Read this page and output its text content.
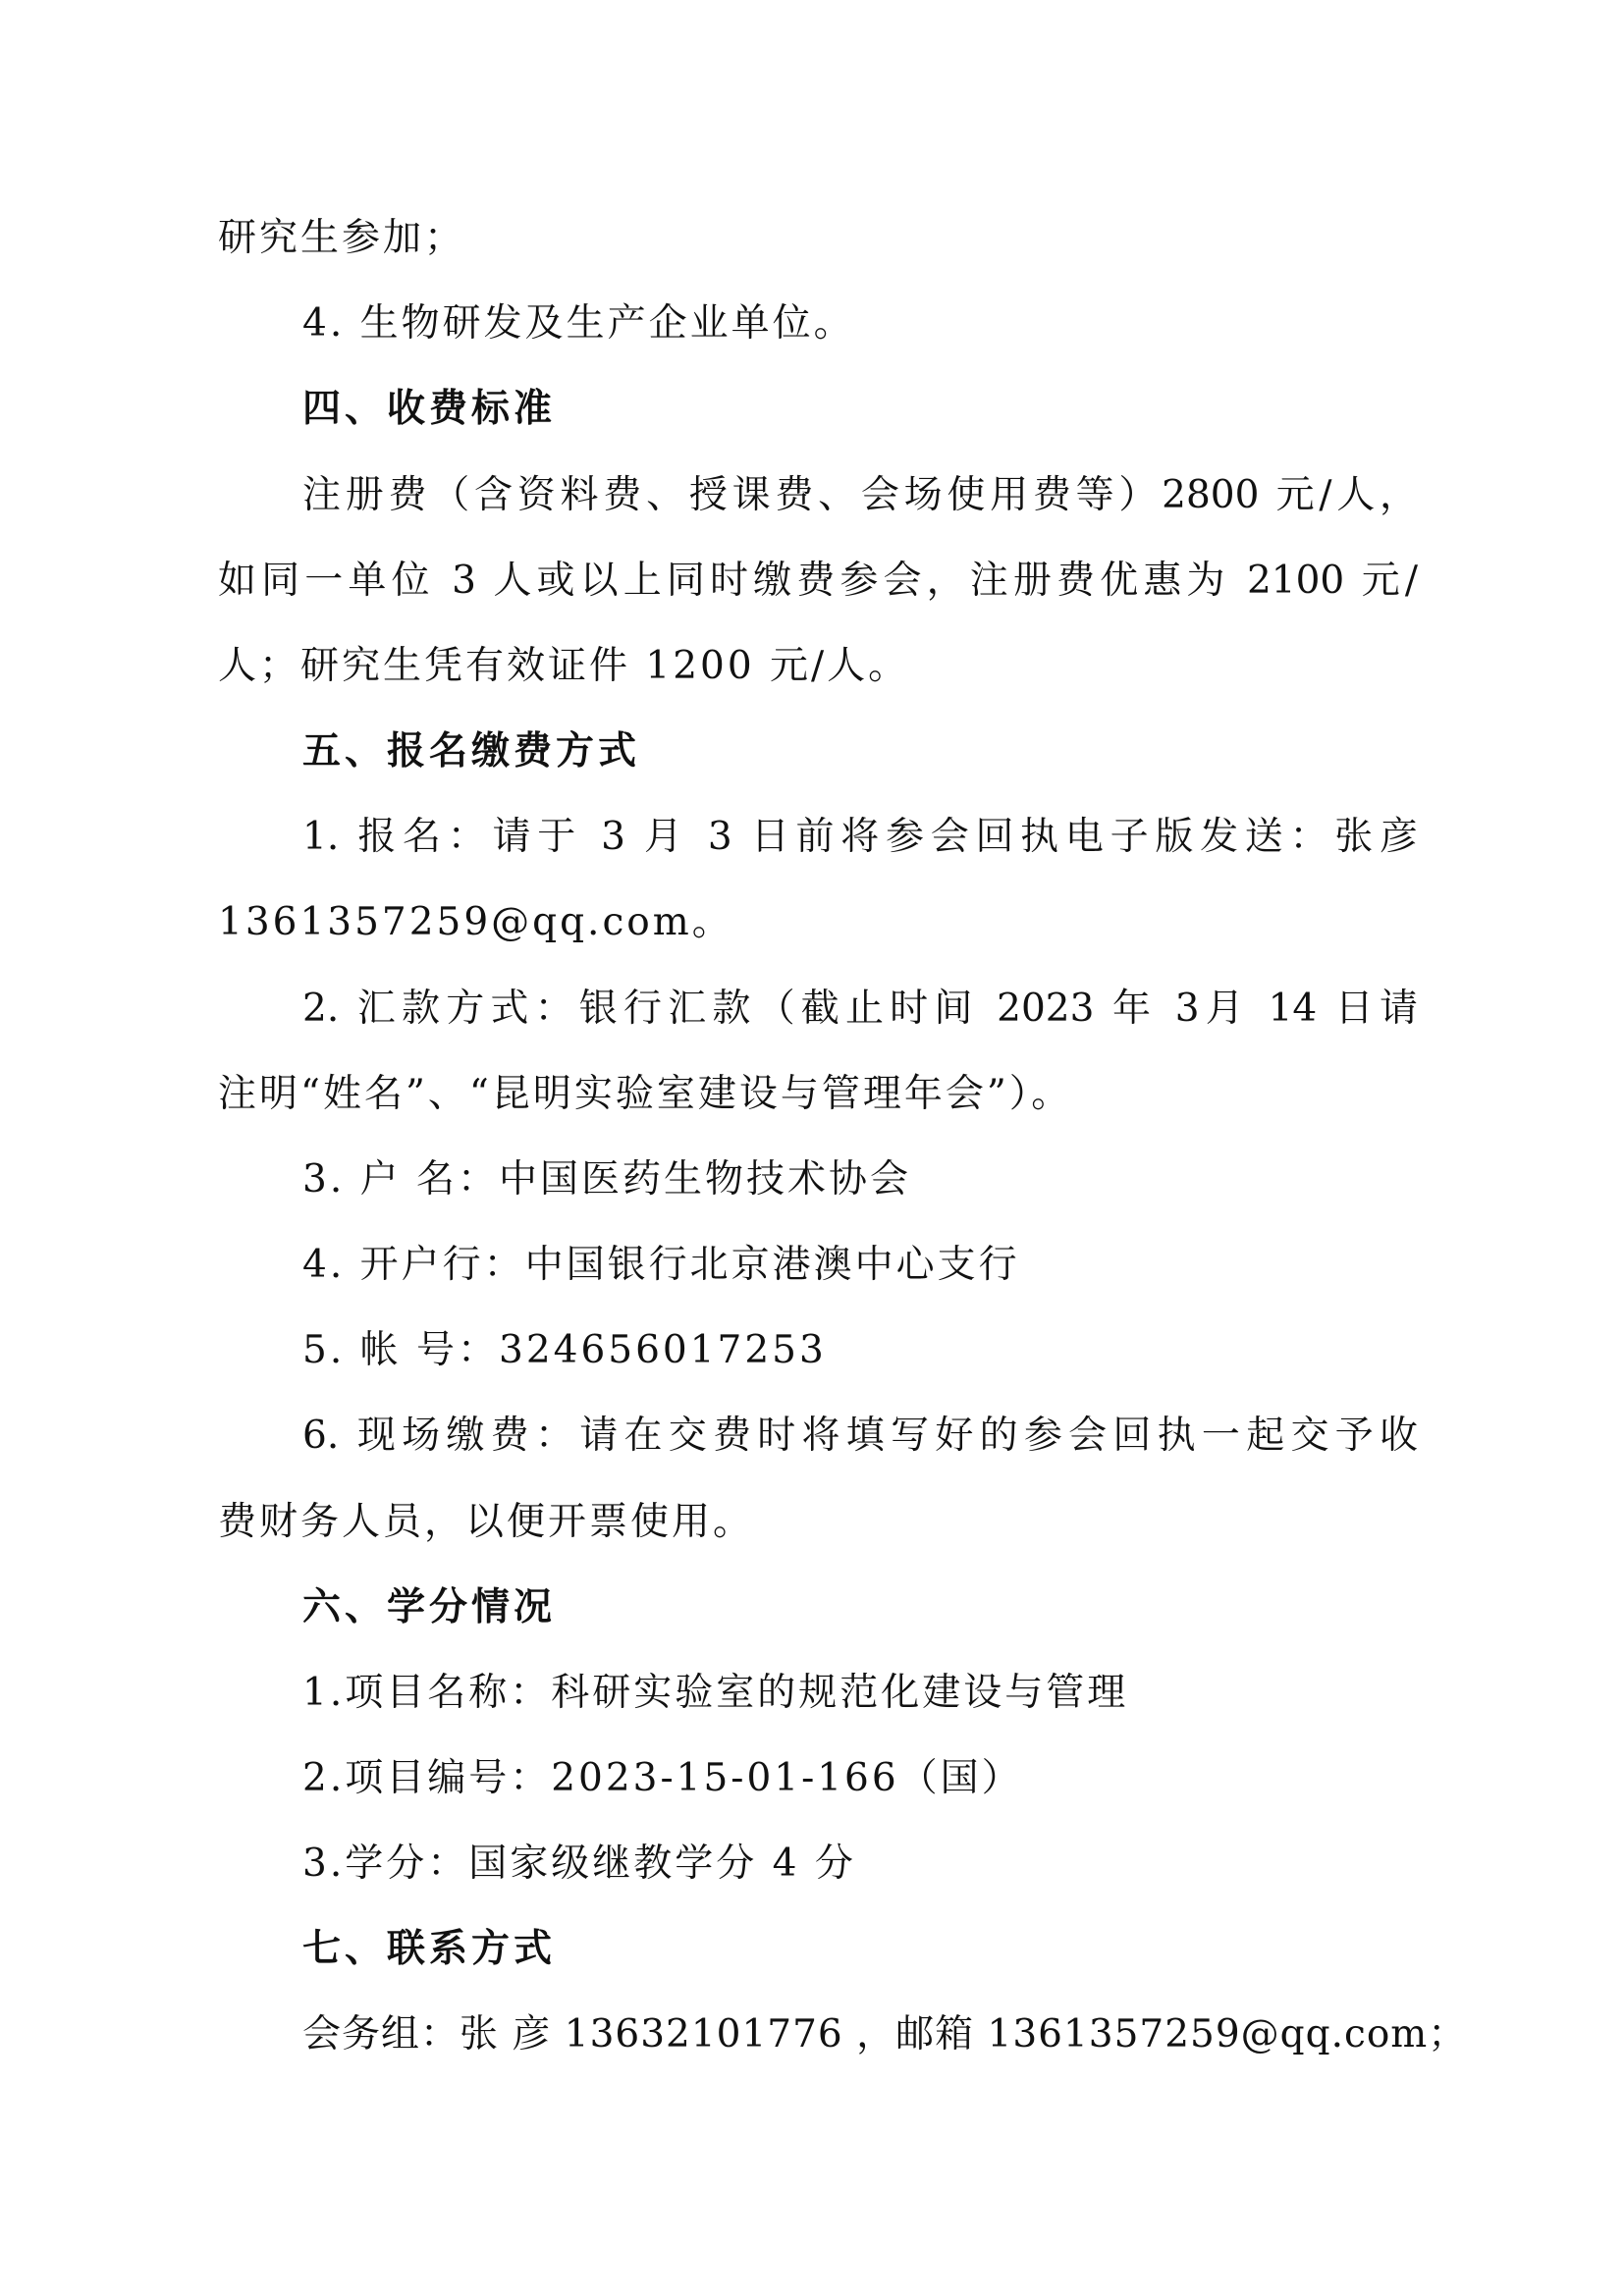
研究生参加；
4. 生物研发及生产企业单位。
四、收费标准
注册费（含资料费、授课费、会场使用费等）2800 元/人，
如同一单位 3 人或以上同时缴费参会，注册费优惠为 2100 元/
人；研究生凭有效证件 1200 元/人。
五、报名缴费方式
1. 报名：请于 3 月 3 日前将参会回执电子版发送：张彦
1361357259@qq.com。
2. 汇款方式：银行汇款（截止时间 2023 年 3月 14 日请
注明“姓名”、“昆明实验室建设与管理年会”）。
3. 户 名：中国医药生物技术协会
4. 开户行：中国银行北京港澳中心支行
5. 帐 号：324656017253
6. 现场缴费：请在交费时将填写好的参会回执一起交予收
费财务人员，以便开票使用。
六、学分情况
1.项目名称：科研实验室的规范化建设与管理
2.项目编号：2023-15-01-166（国）
3.学分：国家级继教学分 4 分
七、联系方式
会务组：张 彦 13632101776 ，邮箱 1361357259@qq.com；
